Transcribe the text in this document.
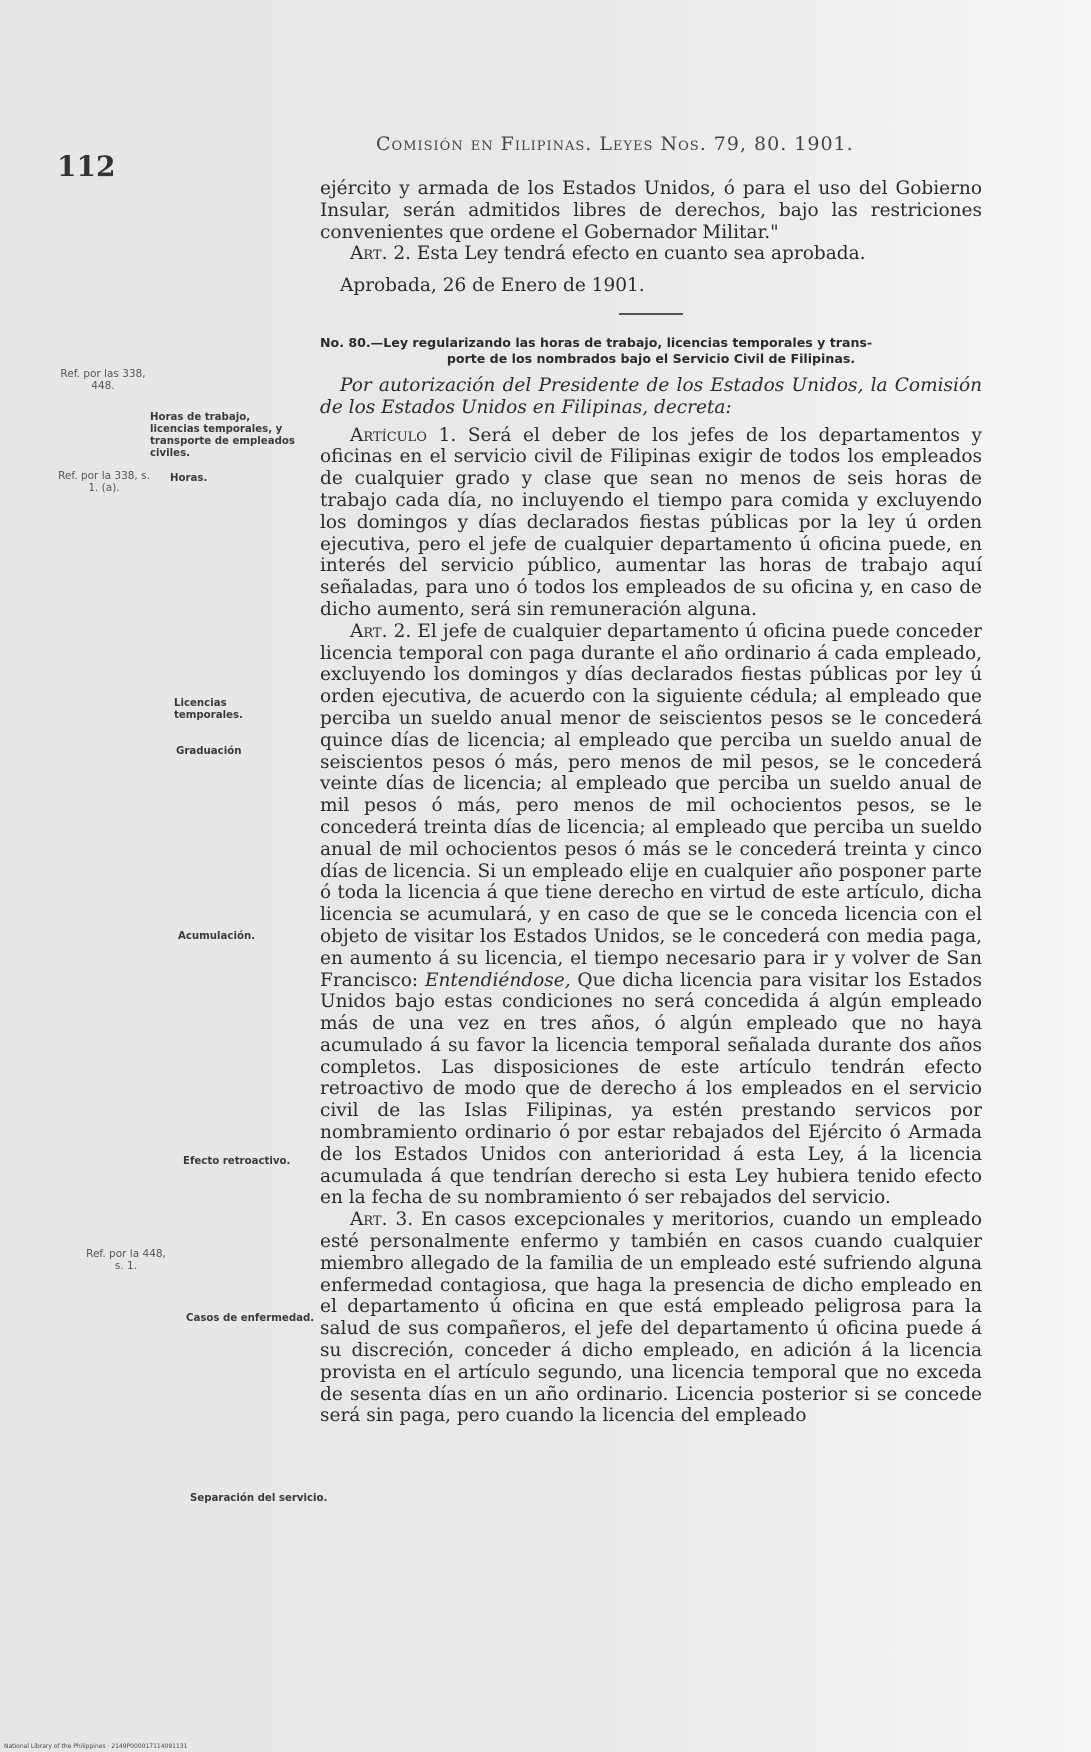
112
Comisión en Filipinas. Leyes Nos. 79, 80. 1901.
Ref. por las 338, 448.
Ref. por la 338, s. 1. (a).
Ref. por la 448, s. 1.
Horas de trabajo, licencias temporales, y transporte de empleados civiles.
Horas.
Licencias temporales.
Graduación
Acumulación.
Efecto retroactivo.
Casos de enfermedad.
Separación del servicio.

ejército y armada de los Estados Unidos, ó para el uso del Gobierno Insular, serán admitidos libres de derechos, bajo las restriciones convenientes que ordene el Gobernador Militar."

Art. 2. Esta Ley tendrá efecto en cuanto sea aprobada.

Aprobada, 26 de Enero de 1901.

No. 80.—Ley regularizando las horas de trabajo, licencias temporales y trans-
porte de los nombrados bajo el Servicio Civil de Filipinas.

Por autorización del Presidente de los Estados Unidos, la Comisión de los Estados Unidos en Filipinas, decreta:

Artículo 1. Será el deber de los jefes de los departamentos y oficinas en el servicio civil de Filipinas exigir de todos los empleados de cualquier grado y clase que sean no menos de seis horas de trabajo cada día, no incluyendo el tiempo para comida y excluyendo los domingos y días declarados fiestas públicas por la ley ú orden ejecutiva, pero el jefe de cualquier departamento ú oficina puede, en interés del servicio público, aumentar las horas de trabajo aquí señaladas, para uno ó todos los empleados de su oficina y, en caso de dicho aumento, será sin remuneración alguna.

Art. 2. El jefe de cualquier departamento ú oficina puede conceder licencia temporal con paga durante el año ordinario á cada empleado, excluyendo los domingos y días declarados fiestas públicas por ley ú orden ejecutiva, de acuerdo con la siguiente cédula; al empleado que perciba un sueldo anual menor de seiscientos pesos se le concederá quince días de licencia; al empleado que perciba un sueldo anual de seiscientos pesos ó más, pero menos de mil pesos, se le concederá veinte días de licencia; al empleado que perciba un sueldo anual de mil pesos ó más, pero menos de mil ochocientos pesos, se le concederá treinta días de licencia; al empleado que perciba un sueldo anual de mil ochocientos pesos ó más se le concederá treinta y cinco días de licencia. Si un empleado elije en cualquier año posponer parte ó toda la licencia á que tiene derecho en virtud de este artículo, dicha licencia se acumulará, y en caso de que se le conceda licencia con el objeto de visitar los Estados Unidos, se le concederá con media paga, en aumento á su licencia, el tiempo necesario para ir y volver de San Francisco: Entendiéndose, Que dicha licencia para visitar los Estados Unidos bajo estas condiciones no será concedida á algún empleado más de una vez en tres años, ó algún empleado que no haya acumulado á su favor la licencia temporal señalada durante dos años completos. Las disposiciones de este artículo tendrán efecto retroactivo de modo que de derecho á los empleados en el servicio civil de las Islas Filipinas, ya estén prestando servicos por nombramiento ordinario ó por estar rebajados del Ejército ó Armada de los Estados Unidos con anterioridad á esta Ley, á la licencia acumulada á que tendrían derecho si esta Ley hubiera tenido efecto en la fecha de su nombramiento ó ser rebajados del servicio.

Art. 3. En casos excepcionales y meritorios, cuando un empleado esté personalmente enfermo y también en casos cuando cualquier miembro allegado de la familia de un empleado esté sufriendo alguna enfermedad contagiosa, que haga la presencia de dicho empleado en el departamento ú oficina en que está empleado peligrosa para la salud de sus compañeros, el jefe del departamento ú oficina puede á su discreción, conceder á dicho empleado, en adición á la licencia provista en el artículo segundo, una licencia temporal que no exceda de sesenta días en un año ordinario. Licencia posterior si se concede será sin paga, pero cuando la licencia del empleado

National Library of the Philippines · 2149P000017114091131
